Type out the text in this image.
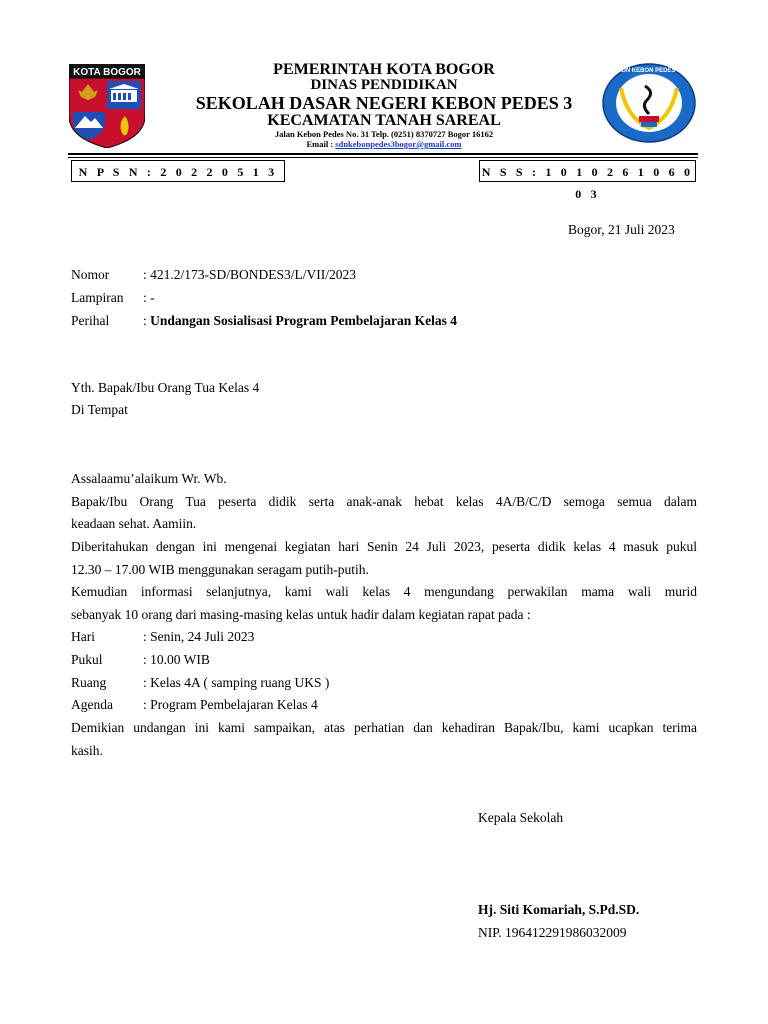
KOTA BOGOR	SDN KEBON PEDES 3
PEMERINTAH KOTA BOGOR
DINAS PENDIDIKAN
SEKOLAH DASAR NEGERI KEBON PEDES 3
KECAMATAN TANAH SAREAL
Jalan Kebon Pedes No. 31 Telp. (0251) 8370727 Bogor 16162
Email : sdnkebonpedes3bogor@gmail.com
N P S N : 2 0 2 2 0 5 1 3	N S S : 1 0 1 0 2 6 1 0 6 0 0 3
Bogor, 21 Juli 2023
Nomor	: 421.2/173-SD/BONDES3/L/VII/2023
Lampiran : -
Perihal	: Undangan Sosialisasi Program Pembelajaran Kelas 4
Yth. Bapak/Ibu Orang Tua Kelas 4
Di Tempat
Assalaamu’alaikum Wr. Wb.
Bapak/Ibu Orang Tua peserta didik serta anak-anak hebat kelas 4A/B/C/D semoga semua dalam
keadaan sehat. Aamiin.
Diberitahukan dengan ini mengenai kegiatan hari Senin 24 Juli 2023, peserta didik kelas 4 masuk pukul
12.30 – 17.00 WIB menggunakan seragam putih-putih.
Kemudian informasi selanjutnya, kami wali kelas 4 mengundang perwakilan mama wali murid
sebanyak 10 orang dari masing-masing kelas untuk hadir dalam kegiatan rapat pada :
Hari	: Senin, 24 Juli 2023
Pukul	: 10.00 WIB
Ruang	: Kelas 4A ( samping ruang UKS )
Agenda : Program Pembelajaran Kelas 4
Demikian undangan ini kami sampaikan, atas perhatian dan kehadiran Bapak/Ibu, kami ucapkan terima
kasih.
Kepala Sekolah
Hj. Siti Komariah, S.Pd.SD.
NIP. 196412291986032009
